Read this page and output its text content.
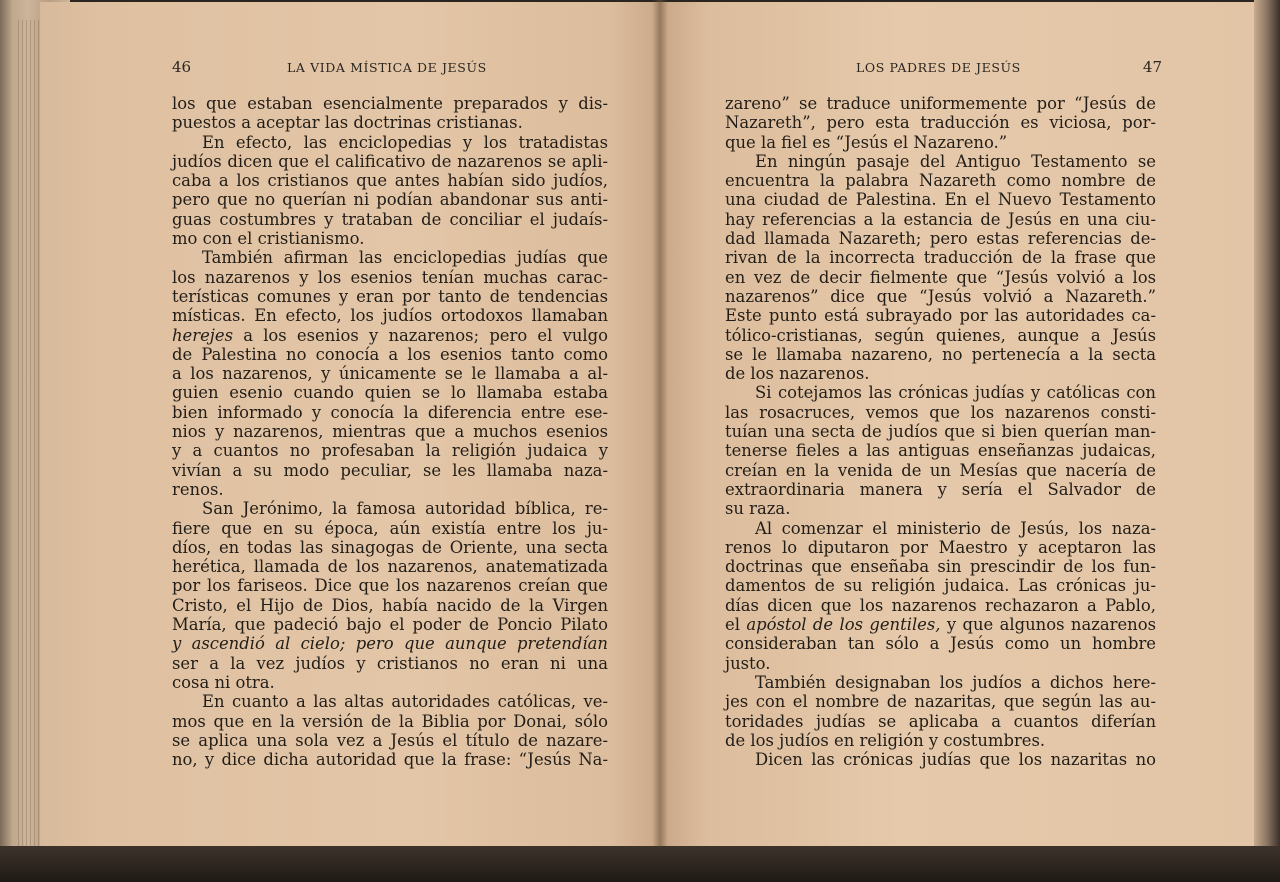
46	LA VIDA MÍSTICA DE JESÚS	LOS PADRES DE JESÚS	47
los que estaban esencialmente preparados y dis-
puestos a aceptar las doctrinas cristianas.
En efecto, las enciclopedias y los tratadistas
judíos dicen que el calificativo de nazarenos se apli-
caba a los cristianos que antes habían sido judíos,
pero que no querían ni podían abandonar sus anti-
guas costumbres y trataban de conciliar el judaís-
mo con el cristianismo.
También afirman las enciclopedias judías que
los nazarenos y los esenios tenían muchas carac-
terísticas comunes y eran por tanto de tendencias
místicas. En efecto, los judíos ortodoxos llamaban
herejes a los esenios y nazarenos; pero el vulgo
de Palestina no conocía a los esenios tanto como
a los nazarenos, y únicamente se le llamaba a al-
guien esenio cuando quien se lo llamaba estaba
bien informado y conocía la diferencia entre ese-
nios y nazarenos, mientras que a muchos esenios
y a cuantos no profesaban la religión judaica y
vivían a su modo peculiar, se les llamaba naza-
renos.
San Jerónimo, la famosa autoridad bíblica, re-
fiere que en su época, aún existía entre los ju-
díos, en todas las sinagogas de Oriente, una secta
herética, llamada de los nazarenos, anatematizada
por los fariseos. Dice que los nazarenos creían que
Cristo, el Hijo de Dios, había nacido de la Virgen
María, que padeció bajo el poder de Poncio Pilato
y ascendió al cielo; pero que aunque pretendían
ser a la vez judíos y cristianos no eran ni una
cosa ni otra.
En cuanto a las altas autoridades católicas, ve-
mos que en la versión de la Biblia por Donai, sólo
se aplica una sola vez a Jesús el título de nazare-
no, y dice dicha autoridad que la frase: “Jesús Na-
zareno” se traduce uniformemente por “Jesús de
Nazareth”, pero esta traducción es viciosa, por-
que la fiel es “Jesús el Nazareno.”
En ningún pasaje del Antiguo Testamento se
encuentra la palabra Nazareth como nombre de
una ciudad de Palestina. En el Nuevo Testamento
hay referencias a la estancia de Jesús en una ciu-
dad llamada Nazareth; pero estas referencias de-
rivan de la incorrecta traducción de la frase que
en vez de decir fielmente que “Jesús volvió a los
nazarenos” dice que “Jesús volvió a Nazareth.”
Este punto está subrayado por las autoridades ca-
tólico-cristianas, según quienes, aunque a Jesús
se le llamaba nazareno, no pertenecía a la secta
de los nazarenos.
Si cotejamos las crónicas judías y católicas con
las rosacruces, vemos que los nazarenos consti-
tuían una secta de judíos que si bien querían man-
tenerse fieles a las antiguas enseñanzas judaicas,
creían en la venida de un Mesías que nacería de
extraordinaria manera y sería el Salvador de
su raza.
Al comenzar el ministerio de Jesús, los naza-
renos lo diputaron por Maestro y aceptaron las
doctrinas que enseñaba sin prescindir de los fun-
damentos de su religión judaica. Las crónicas ju-
días dicen que los nazarenos rechazaron a Pablo,
el apóstol de los gentiles, y que algunos nazarenos
consideraban tan sólo a Jesús como un hombre
justo.
También designaban los judíos a dichos here-
jes con el nombre de nazaritas, que según las au-
toridades judías se aplicaba a cuantos diferían
de los judíos en religión y costumbres.
Dicen las crónicas judías que los nazaritas no
